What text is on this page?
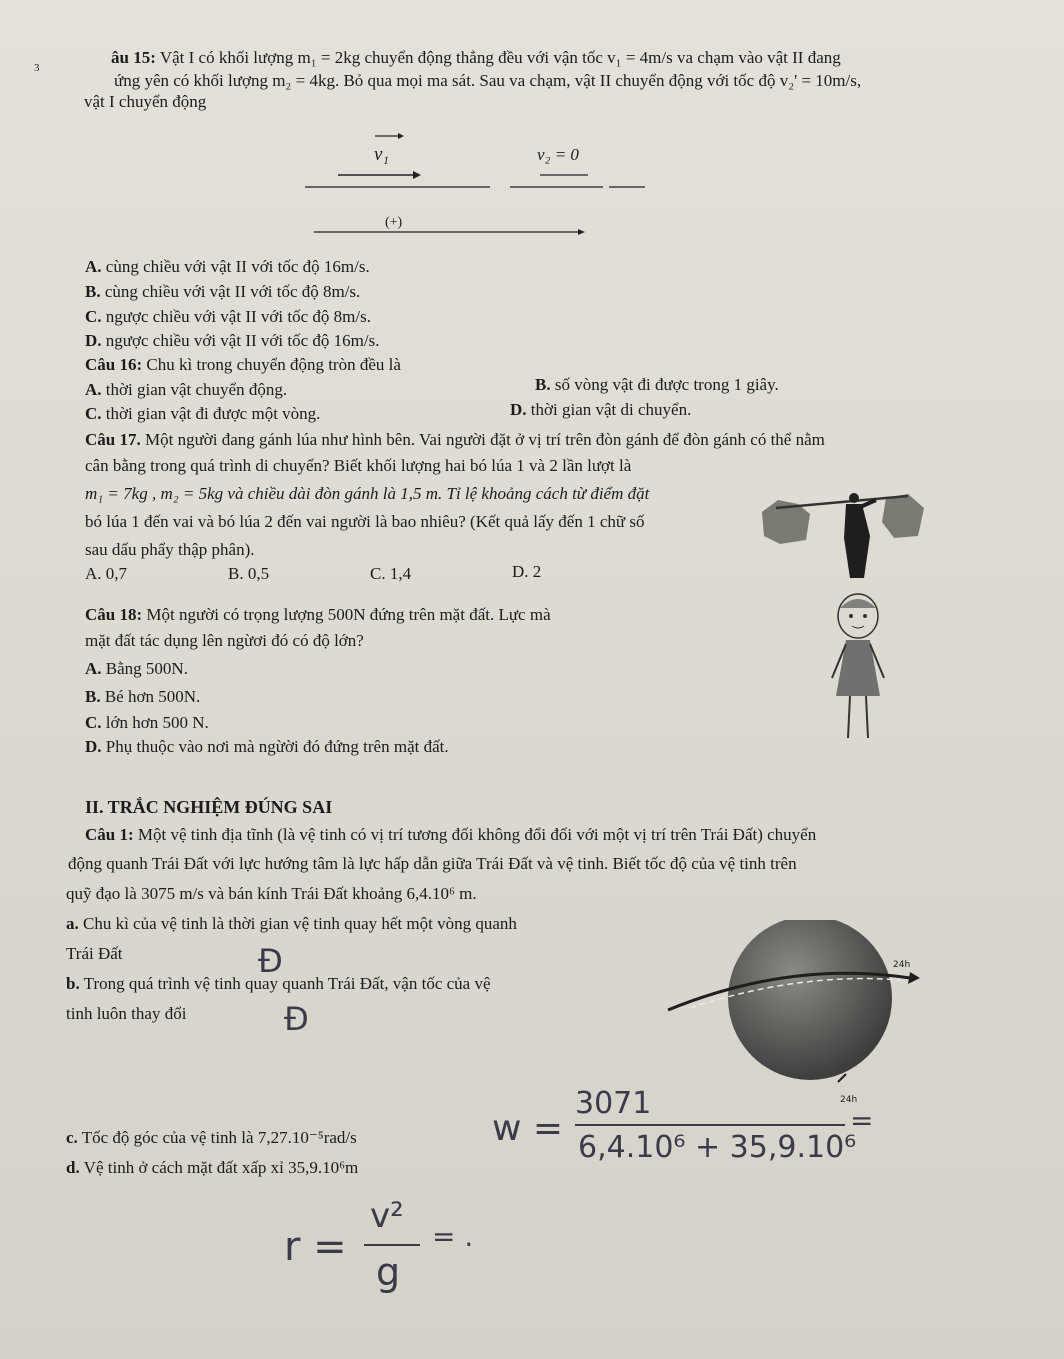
3
âu 15: Vật I có khối lượng m₁ = 2kg chuyển động thẳng đều với vận tốc v₁ = 4m/s va chạm vào vật II đang
ứng yên có khối lượng m₂ = 4kg. Bỏ qua mọi ma sát. Sau va chạm, vật II chuyển động với tốc độ v₂' = 10m/s,
vật I chuyển động
v₁	v₂ = 0
(+)
A. cùng chiều với vật II với tốc độ 16m/s.
B. cùng chiều với vật II với tốc độ 8m/s.
C. ngược chiều với vật II với tốc độ 8m/s.
D. ngược chiều với vật II với tốc độ 16m/s.
Câu 16: Chu kì trong chuyển động tròn đều là
A. thời gian vật chuyển động.	B. số vòng vật đi được trong 1 giây.
C. thời gian vật đi được một vòng.	D. thời gian vật di chuyển.
Câu 17. Một người đang gánh lúa như hình bên. Vai người đặt ở vị trí trên đòn gánh để đòn gánh có thể nằm
cân bằng trong quá trình di chuyển? Biết khối lượng hai bó lúa 1 và 2 lần lượt là
m₁ = 7kg , m₂ = 5kg và chiều dài đòn gánh là 1,5 m. Tỉ lệ khoảng cách từ điểm đặt
bó lúa 1 đến vai và bó lúa 2 đến vai người là bao nhiêu? (Kết quả lấy đến 1 chữ số
sau dấu phẩy thập phân).
A. 0,7	B. 0,5	C. 1,4	D. 2
Câu 18: Một người có trọng lượng 500N đứng trên mặt đất. Lực mà
mặt đất tác dụng lên ngừơi đó có độ lớn?
A. Bằng 500N.
B. Bé hơn 500N.
C. lớn hơn 500 N.
D. Phụ thuộc vào nơi mà ngừời đó đứng trên mặt đất.
II. TRẮC NGHIỆM ĐÚNG SAI
Câu 1: Một vệ tinh địa tĩnh (là vệ tinh có vị trí tương đối không đổi đối với một vị trí trên Trái Đất) chuyển
động quanh Trái Đất với lực hướng tâm là lực hấp dẫn giữa Trái Đất và vệ tinh. Biết tốc độ của vệ tinh trên
quỹ đạo là 3075 m/s và bán kính Trái Đất khoảng 6,4.10⁶ m.
a. Chu kì của vệ tinh là thời gian vệ tinh quay hết một vòng quanh
Trái Đất
b. Trong quá trình vệ tinh quay quanh Trái Đất, vận tốc của vệ
tinh luôn thay đổi
c. Tốc độ góc của vệ tinh là 7,27.10⁻⁵rad/s
d. Vệ tinh ở cách mặt đất xấp xỉ 35,9.10⁶m
24h
24h
Đ
Đ
w =
3071
6,4.10⁶ + 35,9.10⁶
=
r =
v²
g
= .
